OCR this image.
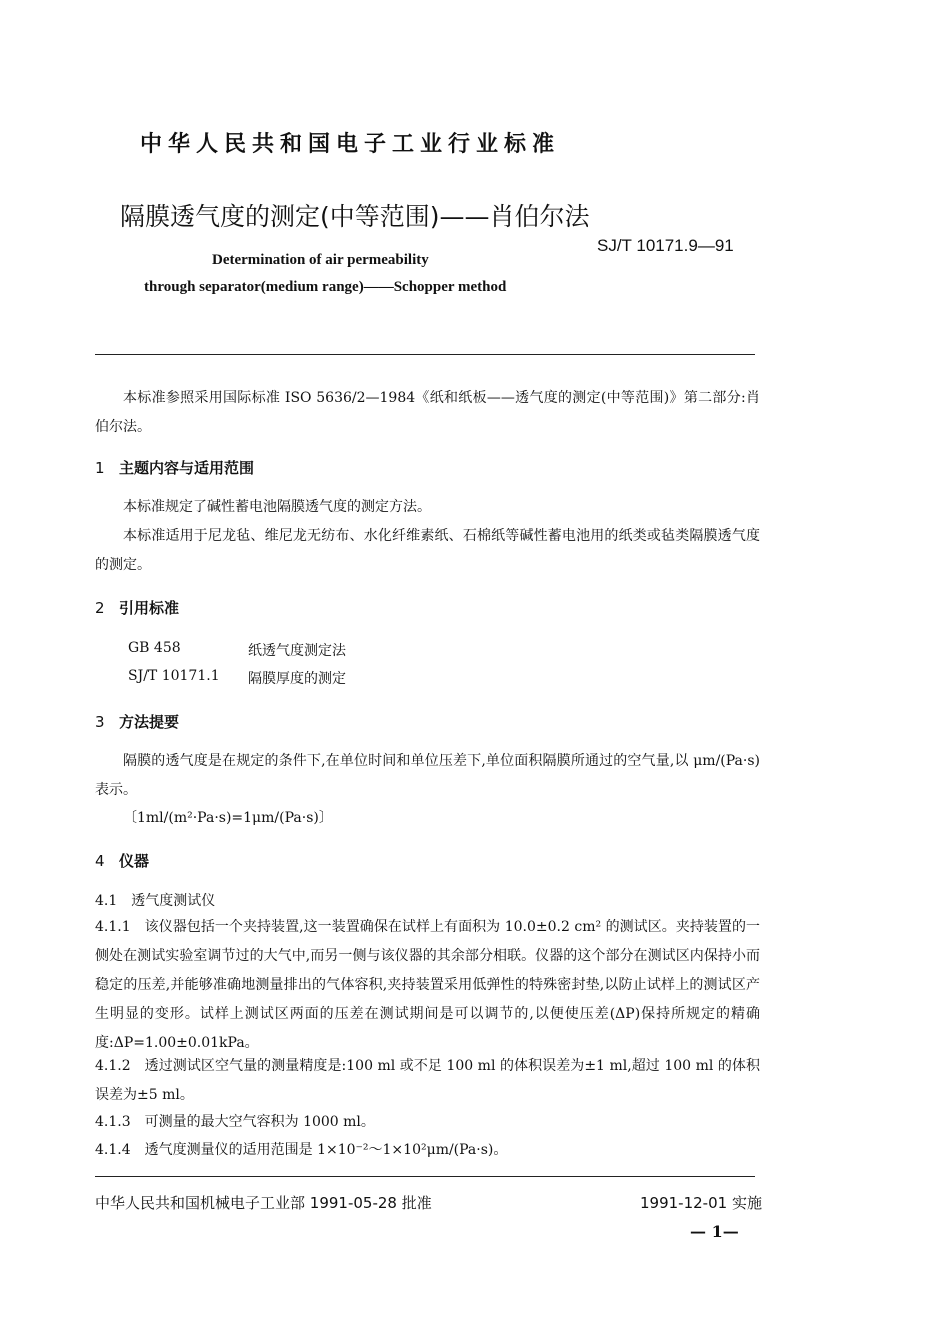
中华人民共和国电子工业行业标准
隔膜透气度的测定(中等范围)——肖伯尔法
SJ/T 10171.9—91
Determination of air permeability
through separator(medium range)——Schopper method
本标准参照采用国际标准 ISO 5636/2—1984《纸和纸板——透气度的测定(中等范围)》第二部分:肖伯尔法。
1 主题内容与适用范围
本标准规定了碱性蓄电池隔膜透气度的测定方法。
本标准适用于尼龙毡、维尼龙无纺布、水化纤维素纸、石棉纸等碱性蓄电池用的纸类或毡类隔膜透气度的测定。
2 引用标准
GB 458	纸透气度测定法
SJ/T 10171.1 隔膜厚度的测定
3 方法提要
隔膜的透气度是在规定的条件下,在单位时间和单位压差下,单位面积隔膜所通过的空气量,以 μm/(Pa·s)表示。
〔1ml/(m²·Pa·s)=1μm/(Pa·s)〕
4 仪器
4.1 透气度测试仪
4.1.1 该仪器包括一个夹持装置,这一装置确保在试样上有面积为 10.0±0.2 cm² 的测试区。夹持装置的一侧处在测试实验室调节过的大气中,而另一侧与该仪器的其余部分相联。仪器的这个部分在测试区内保持小而稳定的压差,并能够准确地测量排出的气体容积,夹持装置采用低弹性的特殊密封垫,以防止试样上的测试区产生明显的变形。试样上测试区两面的压差在测试期间是可以调节的,以便使压差(ΔP)保持所规定的精确度:ΔP=1.00±0.01kPa。
4.1.2 透过测试区空气量的测量精度是:100 ml 或不足 100 ml 的体积误差为±1 ml,超过 100 ml 的体积误差为±5 ml。
4.1.3 可测量的最大空气容积为 1000 ml。
4.1.4 透气度测量仪的适用范围是 1×10⁻²～1×10²μm/(Pa·s)。
中华人民共和国机械电子工业部 1991-05-28 批准	1991-12-01 实施
— 1—
